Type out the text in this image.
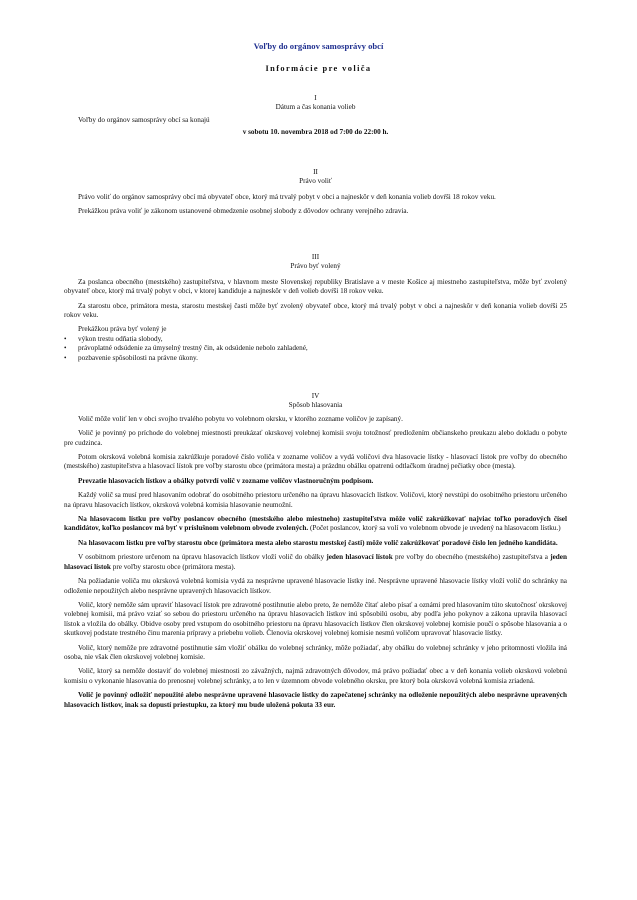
Voľby do orgánov samosprávy obcí
Informácie pre voliča
I
Dátum a čas konania volieb

Voľby do orgánov samosprávy obcí sa konajú

v sobotu 10. novembra 2018 od 7:00 do 22:00 h.

II
Právo voliť

Právo voliť do orgánov samosprávy obcí má obyvateľ obce, ktorý má trvalý pobyt v obci a najneskôr v deň konania volieb dovŕši 18 rokov veku.

Prekážkou práva voliť je zákonom ustanovené obmedzenie osobnej slobody z dôvodov ochrany verejného zdravia.

III
Právo byť volený

Za poslanca obecného (mestského) zastupiteľstva, v hlavnom meste Slovenskej republiky Bratislave a v meste Košice aj miestneho zastupiteľstva, môže byť zvolený obyvateľ obce, ktorý má trvalý pobyt v obci, v ktorej kandiduje a najneskôr v deň volieb dovŕši 18 rokov veku.

Za starostu obce, primátora mesta, starostu mestskej časti môže byť zvolený obyvateľ obce, ktorý má trvalý pobyt v obci a najneskôr v deň konania volieb dovŕši 25 rokov veku.

Prekážkou práva byť volený je

• výkon trestu odňatia slobody,
• právoplatné odsúdenie za úmyselný trestný čin, ak odsúdenie nebolo zahladené,
• pozbavenie spôsobilosti na právne úkony.
IV
Spôsob hlasovania

Volič môže voliť len v obci svojho trvalého pobytu vo volebnom okrsku, v ktorého zozname voličov je zapísaný.

Volič je povinný po príchode do volebnej miestnosti preukázať okrskovej volebnej komisii svoju totožnosť predložením občianskeho preukazu alebo dokladu o pobyte pre cudzinca.

Potom okrsková volebná komisia zakrúžkuje poradové číslo voliča v zozname voličov a vydá voličovi dva hlasovacie lístky - hlasovací lístok pre voľby do obecného (mestského) zastupiteľstva a hlasovací lístok pre voľby starostu obce (primátora mesta) a prázdnu obálku opatrenú odtlačkom úradnej pečiatky obce (mesta).

Prevzatie hlasovacích lístkov a obálky potvrdí volič v zozname voličov vlastnoručným podpisom.

Každý volič sa musí pred hlasovaním odobrať do osobitného priestoru určeného na úpravu hlasovacích lístkov. Voličovi, ktorý nevstúpi do osobitného priestoru určeného na úpravu hlasovacích lístkov, okrsková volebná komisia hlasovanie neumožní.

Na hlasovacom lístku pre voľby poslancov obecného (mestského alebo miestneho) zastupiteľstva môže volič zakrúžkovať najviac toľko poradových čísel kandidátov, koľko poslancov má byť v príslušnom volebnom obvode zvolených. (Počet poslancov, ktorý sa volí vo volebnom obvode je uvedený na hlasovacom lístku.)

Na hlasovacom lístku pre voľby starostu obce (primátora mesta alebo starostu mestskej časti) môže volič zakrúžkovať poradové číslo len jedného kandidáta.

V osobitnom priestore určenom na úpravu hlasovacích lístkov vloží volič do obálky jeden hlasovací lístok pre voľby do obecného (mestského) zastupiteľstva a jeden hlasovací lístok pre voľby starostu obce (primátora mesta).

Na požiadanie voliča mu okrsková volebná komisia vydá za nesprávne upravené hlasovacie lístky iné. Nesprávne upravené hlasovacie lístky vloží volič do schránky na odloženie nepoužitých alebo nesprávne upravených hlasovacích lístkov.

Volič, ktorý nemôže sám upraviť hlasovací lístok pre zdravotné postihnutie alebo preto, že nemôže čítať alebo písať a oznámi pred hlasovaním túto skutočnosť okrskovej volebnej komisii, má právo vziať so sebou do priestoru určeného na úpravu hlasovacích lístkov inú spôsobilú osobu, aby podľa jeho pokynov a zákona upravila hlasovací lístok a vložila do obálky. Obidve osoby pred vstupom do osobitného priestoru na úpravu hlasovacích lístkov člen okrskovej volebnej komisie poučí o spôsobe hlasovania a o skutkovej podstate trestného činu marenia prípravy a priebehu volieb. Členovia okrskovej volebnej komisie nesmú voličom upravovať hlasovacie lístky.

Volič, ktorý nemôže pre zdravotné postihnutie sám vložiť obálku do volebnej schránky, môže požiadať, aby obálku do volebnej schránky v jeho prítomnosti vložila iná osoba, nie však člen okrskovej volebnej komisie.

Volič, ktorý sa nemôže dostaviť do volebnej miestnosti zo závažných, najmä zdravotných dôvodov, má právo požiadať obec a v deň konania volieb okrskovú volebnú komisiu o vykonanie hlasovania do prenosnej volebnej schránky, a to len v územnom obvode volebného okrsku, pre ktorý bola okrsková volebná komisia zriadená.

Volič je povinný odložiť nepoužité alebo nesprávne upravené hlasovacie lístky do zapečatenej schránky na odloženie nepoužitých alebo nesprávne upravených hlasovacích lístkov, inak sa dopustí priestupku, za ktorý mu bude uložená pokuta 33 eur.
